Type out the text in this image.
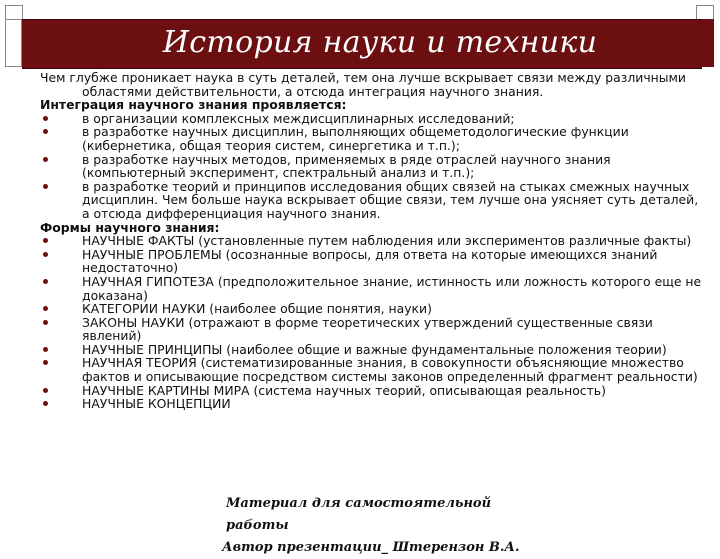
История науки и техники

Чем глубже проникает наука в суть деталей, тем она лучше вскрывает связи между различными областями действительности, а отсюда интеграция научного знания.

Интеграция научного знания проявляется:

в организации комплексных междисциплинарных исследований;

в разработке научных дисциплин, выполняющих общеметодологические функции (кибернетика, общая теория систем, синергетика и т.п.);

в разработке научных методов, применяемых в ряде отраслей научного знания (компьютерный эксперимент, спектральный анализ и т.п.);

в разработке теорий и принципов исследования общих связей на стыках смежных научных дисциплин. Чем больше наука вскрывает общие связи, тем лучше она уясняет суть деталей, а отсюда дифференциация научного знания.

Формы научного знания:

НАУЧНЫЕ ФАКТЫ (установленные путем наблюдения или экспериментов различные факты)

НАУЧНЫЕ ПРОБЛЕМЫ (осознанные вопросы, для ответа на которые имеющихся знаний недостаточно)

НАУЧНАЯ ГИПОТЕЗА (предположительное знание, истинность или ложность которого еще не доказана)

КАТЕГОРИИ НАУКИ (наиболее общие понятия, науки)

ЗАКОНЫ НАУКИ (отражают в форме теоретических утверждений существенные связи явлений)

НАУЧНЫЕ ПРИНЦИПЫ (наиболее общие и важные фундаментальные положения теории)

НАУЧНАЯ ТЕОРИЯ (систематизированные знания, в совокупности объясняющие множество фактов и описывающие посредством системы законов определенный фрагмент реальности)

НАУЧНЫЕ КАРТИНЫ МИРА (система научных теорий, описывающая реальность)

НАУЧНЫЕ КОНЦЕПЦИИ

Материал для самостоятельной работы
Автор презентации_ Штерензон В.А.
